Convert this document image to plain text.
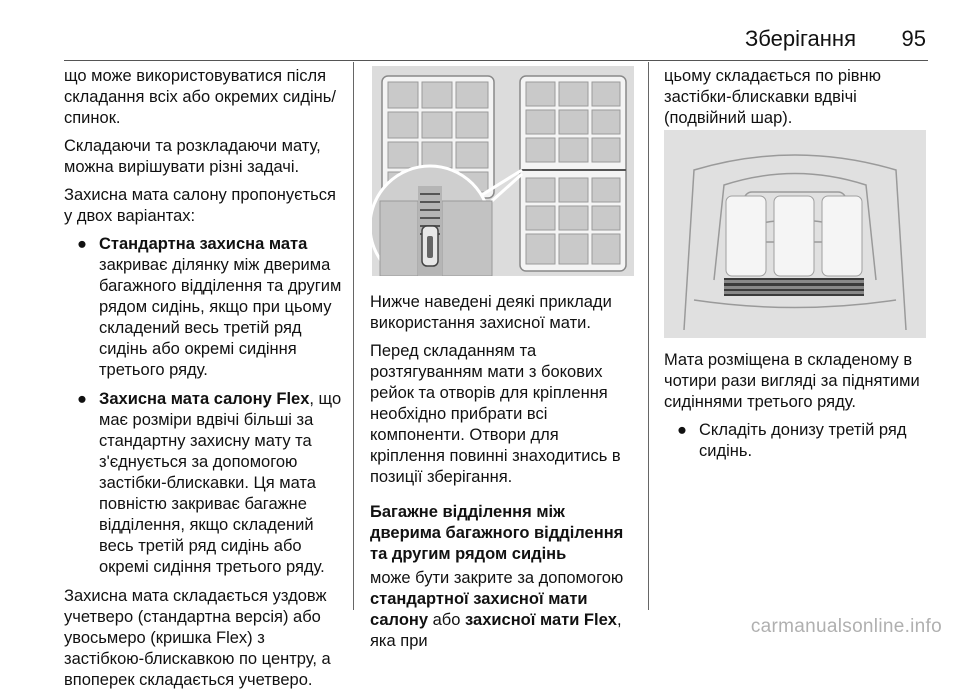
Зберігання 95

що може використовуватися після складання всіх або окремих сидінь/спинок.

Складаючи та розкладаючи мату, можна вирішувати різні задачі.

Захисна мата салону пропонується у двох варіантах:

● Стандартна захисна мата закриває ділянку між дверима багажного відділення та другим рядом сидінь, якщо при цьому складений весь третій ряд сидінь або окремі сидіння третього ряду.
● Захисна мата салону Flex, що має розміри вдвічі більші за стандартну захисну мату та з'єднується за допомогою застібки-блискавки. Ця мата повністю закриває багажне відділення, якщо складений весь третій ряд сидінь або окремі сидіння третього ряду.

Захисна мата складається уздовж учетверо (стандартна версія) або увосьмеро (кришка Flex) з застібкою-блискавкою по центру, а впоперек складається учетверо.

Нижче наведені деякі приклади використання захисної мати.

Перед складанням та розтягуванням мати з бокових рейок та отворів для кріплення необхідно прибрати всі компоненти. Отвори для кріплення повинні знаходитись в позиції зберігання.

Багажне відділення між дверима багажного відділення та другим рядом сидінь

може бути закрите за допомогою стандартної захисної мати салону або захисної мати Flex, яка при

цьому складається по рівню застібки-блискавки вдвічі (подвійний шар).

Мата розміщена в складеному в чотири рази вигляді за піднятими сидіннями третього ряду.

● Складіть донизу третій ряд сидінь.
carmanualsonline.info
